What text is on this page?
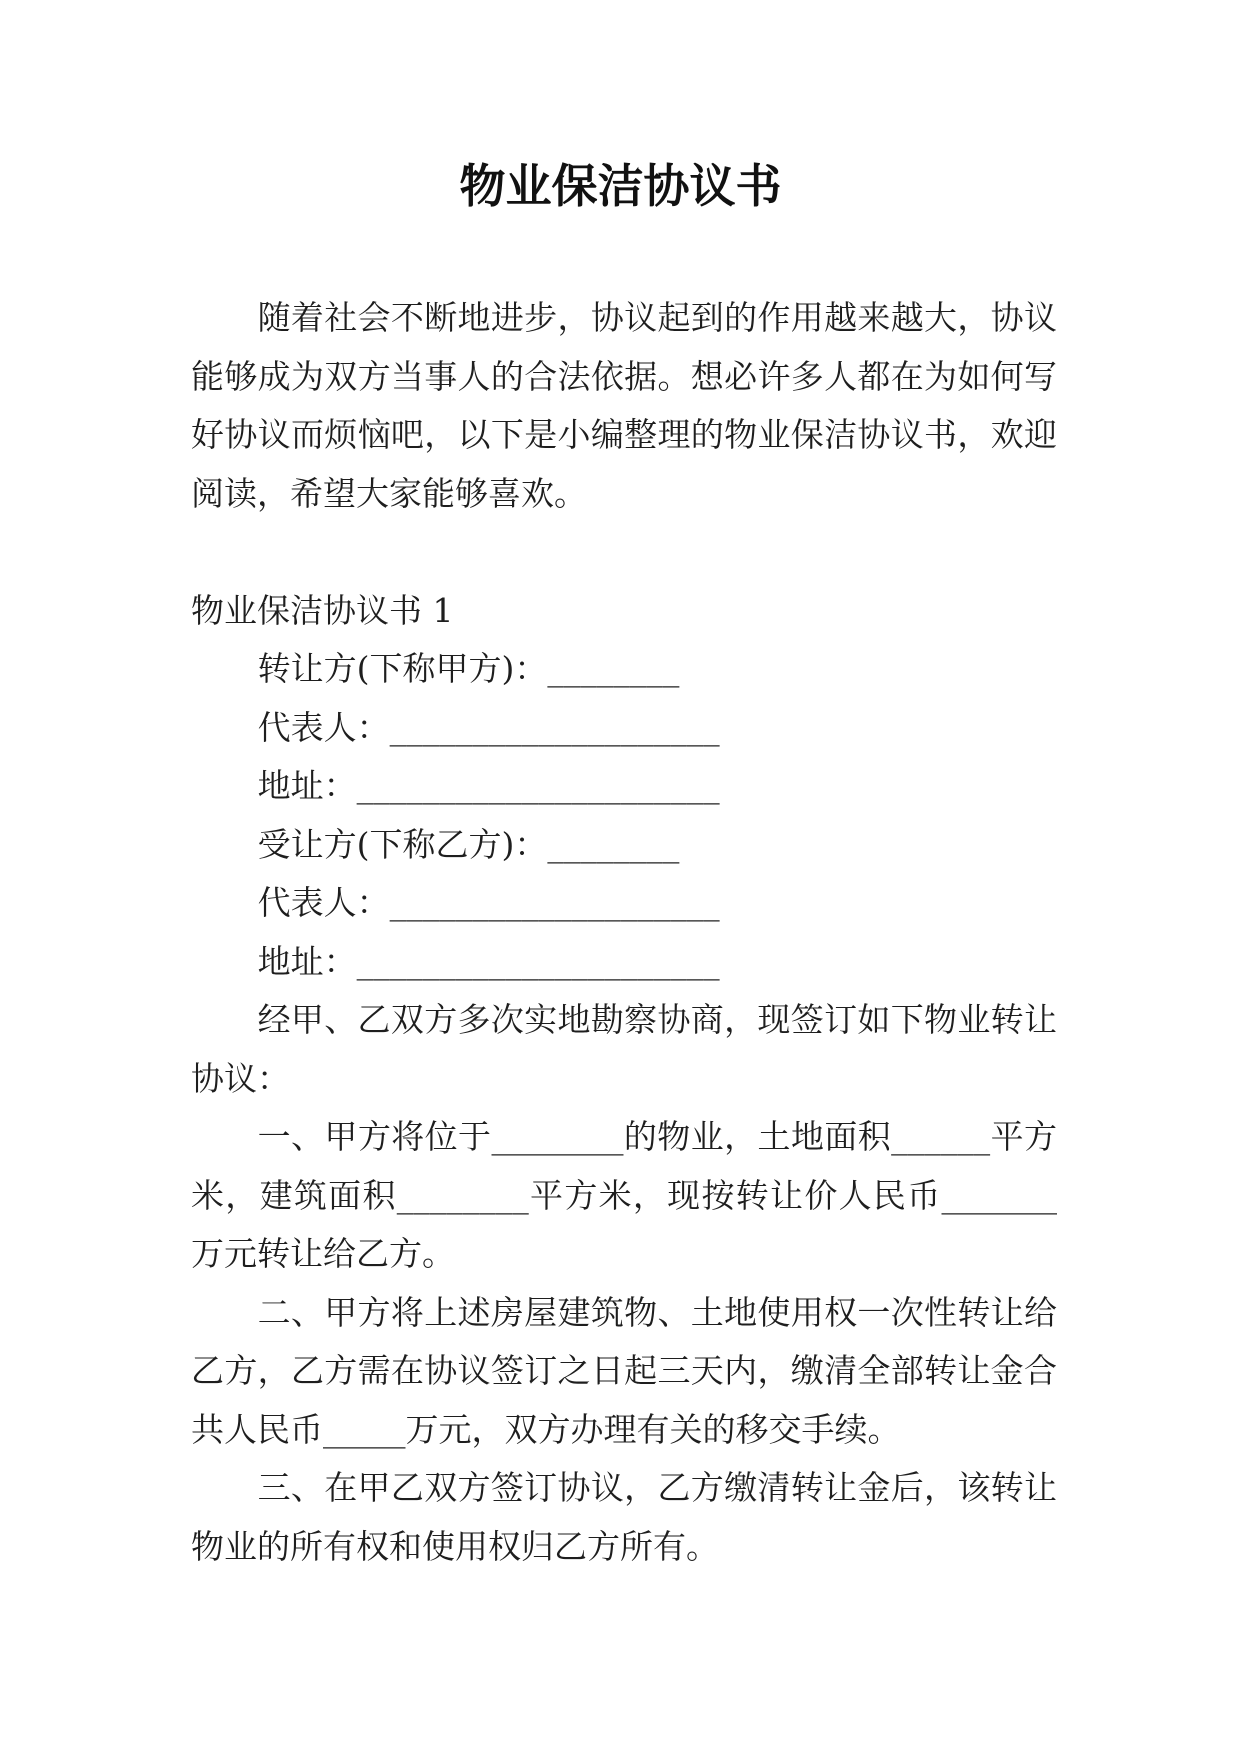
物业保洁协议书
随着社会不断地进步，协议起到的作用越来越大，协议
能够成为双方当事人的合法依据。想必许多人都在为如何写
好协议而烦恼吧，以下是小编整理的物业保洁协议书，欢迎
阅读，希望大家能够喜欢。
物业保洁协议书 1
转让方(下称甲方)：________
代表人：____________________
地址：______________________
受让方(下称乙方)：________
代表人：____________________
地址：______________________
经甲、乙双方多次实地勘察协商，现签订如下物业转让
协议：
一、甲方将位于________的物业，土地面积______平方
米，建筑面积________平方米，现按转让价人民币_______
万元转让给乙方。
二、甲方将上述房屋建筑物、土地使用权一次性转让给
乙方，乙方需在协议签订之日起三天内，缴清全部转让金合
共人民币_____万元，双方办理有关的移交手续。
三、在甲乙双方签订协议，乙方缴清转让金后，该转让
物业的所有权和使用权归乙方所有。
